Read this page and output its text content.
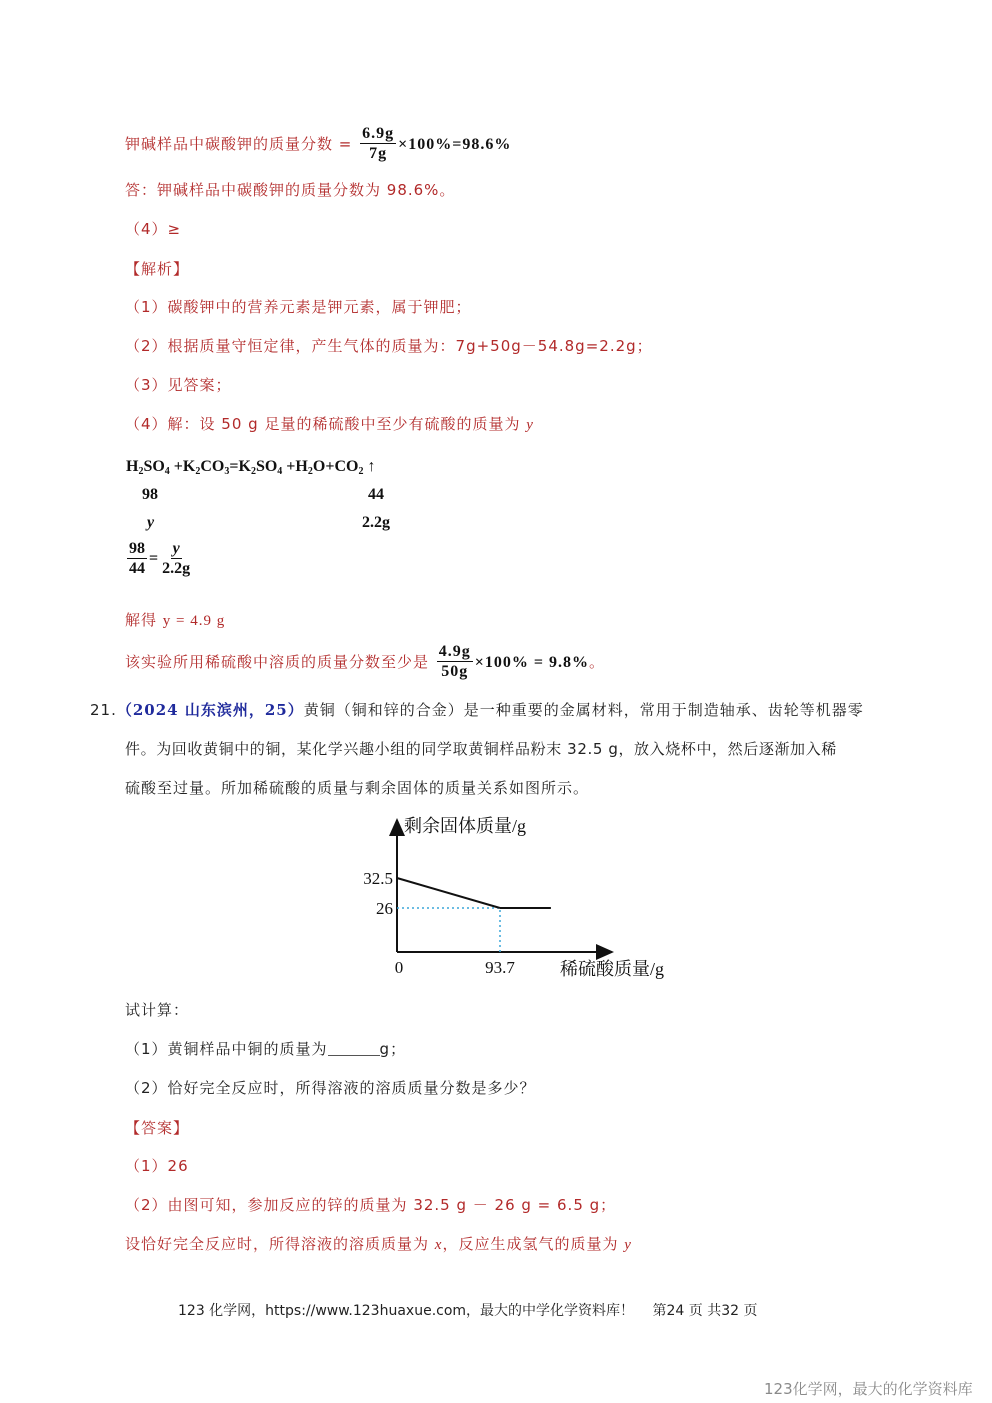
钾碱样品中碳酸钾的质量分数 = $\frac{6.9g}{7g} \times 100\%=98.6\%$
答：钾碱样品中碳酸钾的质量分数为 98.6%。
（4）≥
【解析】
（1）碳酸钾中的营养元素是钾元素，属于钾肥；
（2）根据质量守恒定律，产生气体的质量为：7g+50g－54.8g=2.2g；
（3）见答案；
（4）解：设 50 g 足量的稀硫酸中至少有硫酸的质量为 y
$H_2SO_4 +K_2CO_3=K_2SO_4 +H_2O+CO_2$ ↑
98	44
y	2.2g
$\frac{98}{44} = \frac{y}{2.2g}$
解得 y = 4.9 g
该实验所用稀硫酸中溶质的质量分数至少是 $\frac{4.9g}{50g} \times 100\% = 9.8\%$。
21.（2024 山东滨州，25）黄铜（铜和锌的合金）是一种重要的金属材料，常用于制造轴承、齿轮等机器零
件。为回收黄铜中的铜，某化学兴趣小组的同学取黄铜样品粉末 32.5 g，放入烧杯中，然后逐渐加入稀
硫酸至过量。所加稀硫酸的质量与剩余固体的质量关系如图所示。
剩余固体质量/g
稀硫酸质量/g
32.5
26
0	93.7
试计算：
（1）黄铜样品中铜的质量为	g；
（2）恰好完全反应时，所得溶液的溶质质量分数是多少？
【答案】
（1）26
（2）由图可知，参加反应的锌的质量为 32.5 g － 26 g = 6.5 g；
设恰好完全反应时，所得溶液的溶质质量为 x，反应生成氢气的质量为 y
123 化学网，https://www.123huaxue.com，最大的中学化学资料库！ 第24 页 共32 页
123化学网，最大的化学资料库
